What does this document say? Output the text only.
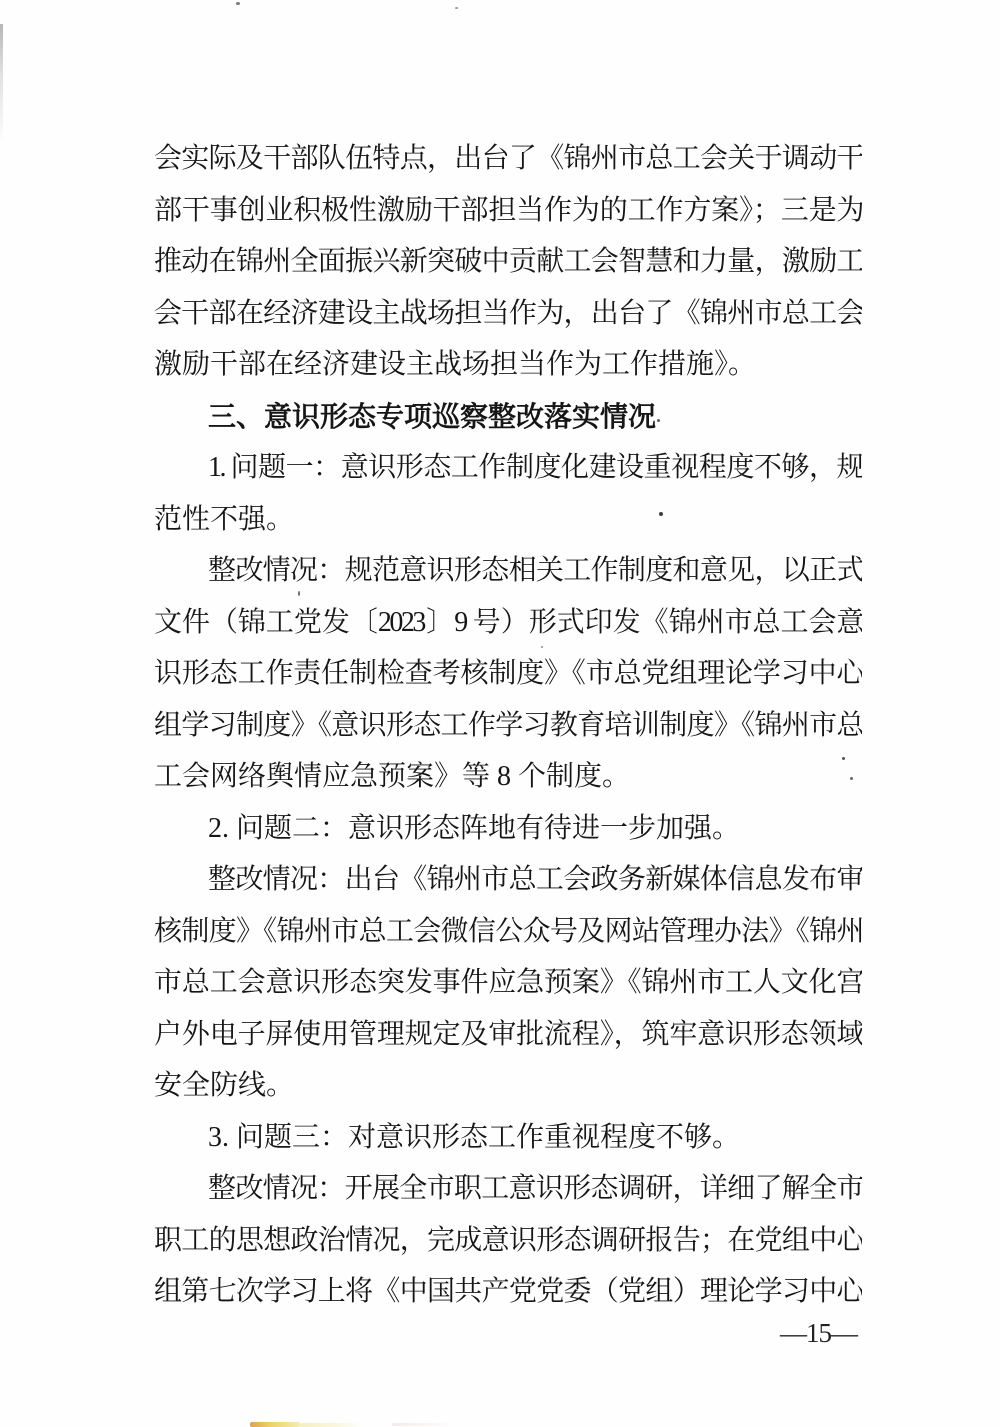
会实际及干部队伍特点，出台了《锦州市总工会关于调动干
部干事创业积极性激励干部担当作为的工作方案》；三是为
推动在锦州全面振兴新突破中贡献工会智慧和力量，激励工
会干部在经济建设主战场担当作为，出台了《锦州市总工会
激励干部在经济建设主战场担当作为工作措施》。
三、意识形态专项巡察整改落实情况
1. 问题一：意识形态工作制度化建设重视程度不够，规
范性不强。
整改情况：规范意识形态相关工作制度和意见，以正式
文件（锦工党发〔2023〕9 号）形式印发《锦州市总工会意
识形态工作责任制检查考核制度》《市总党组理论学习中心
组学习制度》《意识形态工作学习教育培训制度》《锦州市总
工会网络舆情应急预案》等 8 个制度。
2. 问题二：意识形态阵地有待进一步加强。
整改情况：出台《锦州市总工会政务新媒体信息发布审
核制度》《锦州市总工会微信公众号及网站管理办法》《锦州
市总工会意识形态突发事件应急预案》《锦州市工人文化宫
户外电子屏使用管理规定及审批流程》，筑牢意识形态领域
安全防线。
3. 问题三：对意识形态工作重视程度不够。
整改情况：开展全市职工意识形态调研，详细了解全市
职工的思想政治情况，完成意识形态调研报告；在党组中心
组第七次学习上将《中国共产党党委（党组）理论学习中心
—15—
